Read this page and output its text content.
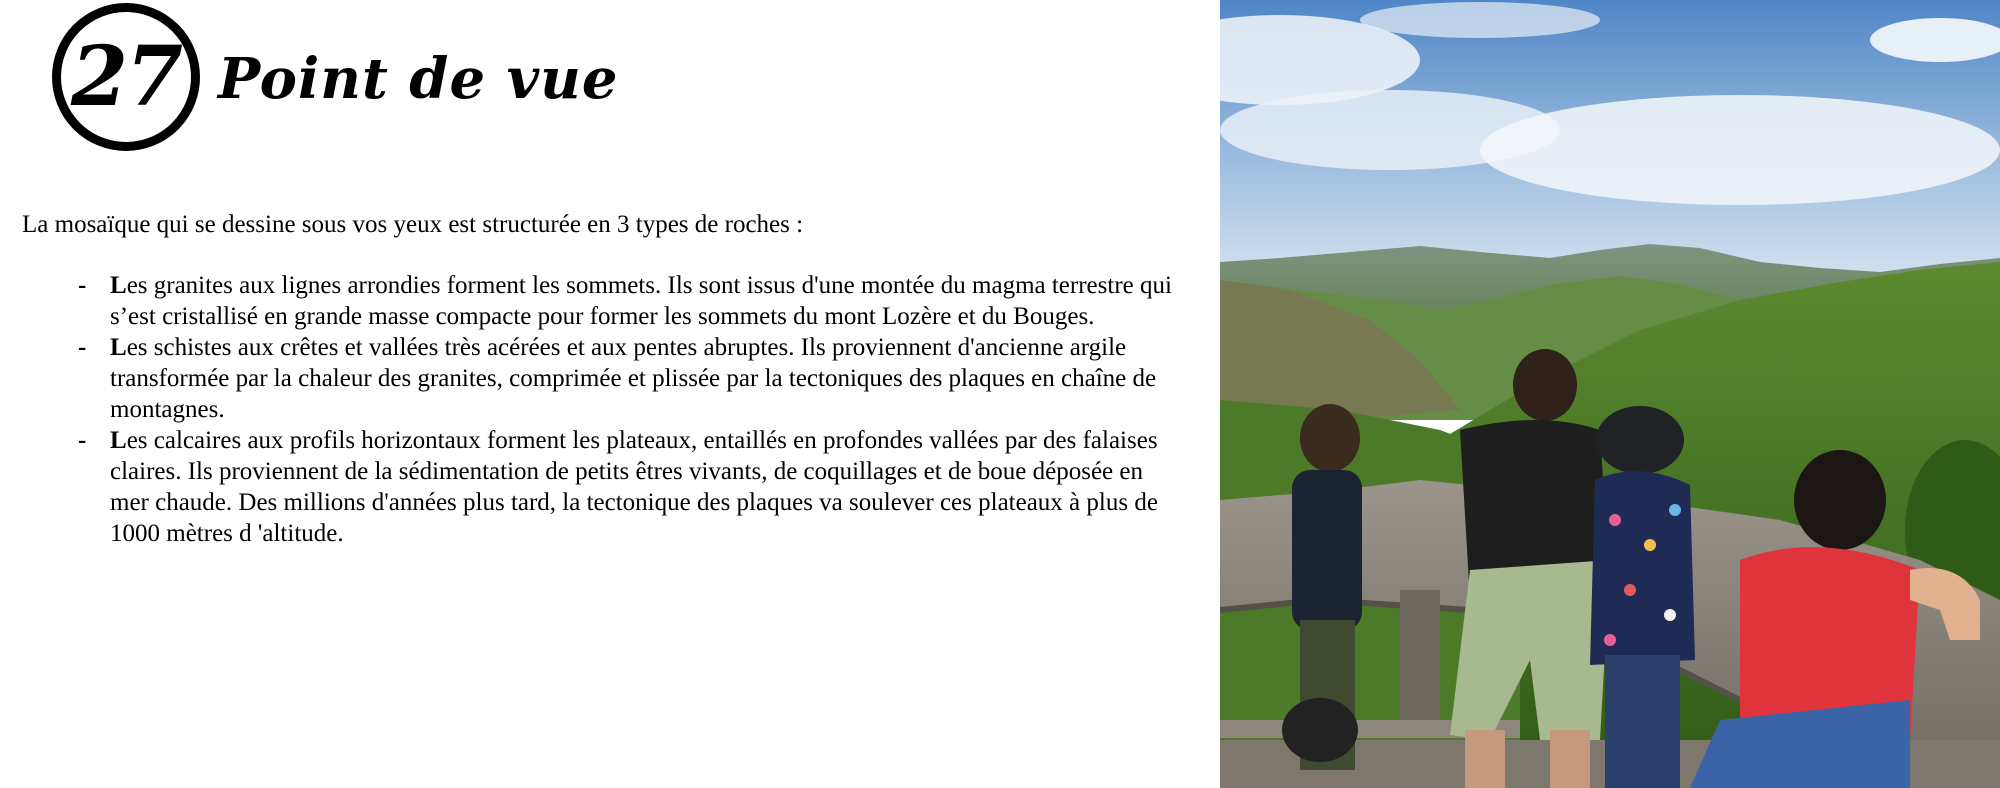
27 Point de vue
La mosaïque qui se dessine sous vos yeux est structurée en 3 types de roches :
- Les granites aux lignes arrondies forment les sommets. Ils sont issus d'une montée du magma terrestre qui s’est cristallisé en grande masse compacte pour former les sommets du mont Lozère et du Bouges.
- Les schistes aux crêtes et vallées très acérées et aux pentes abruptes. Ils proviennent d'ancienne argile transformée par la chaleur des granites, comprimée et plissée par la tectoniques des plaques en chaîne de montagnes.
- Les calcaires aux profils horizontaux forment les plateaux, entaillés en profondes vallées par des falaises claires. Ils proviennent de la sédimentation de petits êtres vivants, de coquillages et de boue déposée en mer chaude. Des millions d'années plus tard, la tectonique des plaques va soulever ces plateaux à plus de 1000 mètres d 'altitude.
